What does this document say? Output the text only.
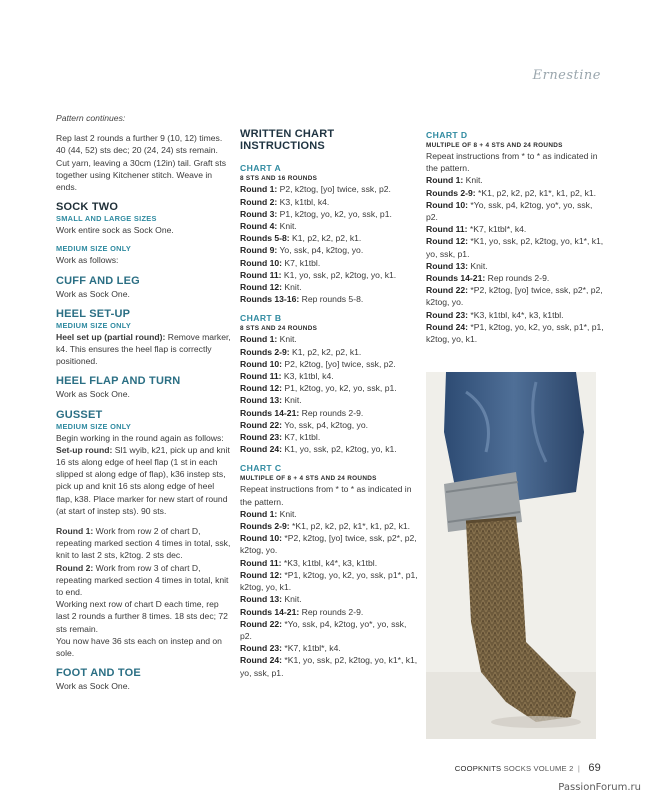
Ernestine

Pattern continues:

Rep last 2 rounds a further 9 (10, 12) times. 40 (44, 52) sts dec; 20 (24, 24) sts remain. Cut yarn, leaving a 30cm (12in) tail. Graft sts together using Kitchener stitch. Weave in ends.

SOCK TWO

SMALL AND LARGE SIZES

Work entire sock as Sock One.

MEDIUM SIZE ONLY

Work as follows:

CUFF AND LEG

Work as Sock One.

HEEL SET-UP

MEDIUM SIZE ONLY

Heel set up (partial round): Remove marker, k4. This ensures the heel flap is correctly positioned.

HEEL FLAP AND TURN

Work as Sock One.

GUSSET

MEDIUM SIZE ONLY

Begin working in the round again as follows:

Set-up round: Sl1 wyib, k21, pick up and knit 16 sts along edge of heel flap (1 st in each slipped st along edge of flap), k36 instep sts, pick up and knit 16 sts along edge of heel flap, k38. Place marker for new start of round (at start of instep sts). 90 sts.

Round 1: Work from row 2 of chart D, repeating marked section 4 times in total, ssk, knit to last 2 sts, k2tog. 2 sts dec.

Round 2: Work from row 3 of chart D, repeating marked section 4 times in total, knit to end.

Working next row of chart D each time, rep last 2 rounds a further 8 times. 18 sts dec; 72 sts remain.

You now have 36 sts each on instep and on sole.

FOOT AND TOE

Work as Sock One.

WRITTEN CHART INSTRUCTIONS

CHART A

8 STS AND 16 ROUNDS

Round 1: P2, k2tog, [yo] twice, ssk, p2.

Round 2: K3, k1tbl, k4.

Round 3: P1, k2tog, yo, k2, yo, ssk, p1.

Round 4: Knit.

Rounds 5-8: K1, p2, k2, p2, k1.

Round 9: Yo, ssk, p4, k2tog, yo.

Round 10: K7, k1tbl.

Round 11: K1, yo, ssk, p2, k2tog, yo, k1.

Round 12: Knit.

Rounds 13-16: Rep rounds 5-8.

CHART B

8 STS AND 24 ROUNDS

Round 1: Knit.

Rounds 2-9: K1, p2, k2, p2, k1.

Round 10: P2, k2tog, [yo] twice, ssk, p2.

Round 11: K3, k1tbl, k4.

Round 12: P1, k2tog, yo, k2, yo, ssk, p1.

Round 13: Knit.

Rounds 14-21: Rep rounds 2-9.

Round 22: Yo, ssk, p4, k2tog, yo.

Round 23: K7, k1tbl.

Round 24: K1, yo, ssk, p2, k2tog, yo, k1.

CHART C

MULTIPLE OF 8 + 4 STS AND 24 ROUNDS

Repeat instructions from * to * as indicated in the pattern.

Round 1: Knit.

Rounds 2-9: *K1, p2, k2, p2, k1*, k1, p2, k1.

Round 10: *P2, k2tog, [yo] twice, ssk, p2*, p2, k2tog, yo.

Round 11: *K3, k1tbl, k4*, k3, k1tbl.

Round 12: *P1, k2tog, yo, k2, yo, ssk, p1*, p1, k2tog, yo, k1.

Round 13: Knit.

Rounds 14-21: Rep rounds 2-9.

Round 22: *Yo, ssk, p4, k2tog, yo*, yo, ssk, p2.

Round 23: *K7, k1tbl*, k4.

Round 24: *K1, yo, ssk, p2, k2tog, yo, k1*, k1, yo, ssk, p1.

CHART D

MULTIPLE OF 8 + 4 STS AND 24 ROUNDS

Repeat instructions from * to * as indicated in the pattern.

Round 1: Knit.

Rounds 2-9: *K1, p2, k2, p2, k1*, k1, p2, k1.

Round 10: *Yo, ssk, p4, k2tog, yo*, yo, ssk, p2.

Round 11: *K7, k1tbl*, k4.

Round 12: *K1, yo, ssk, p2, k2tog, yo, k1*, k1, yo, ssk, p1.

Round 13: Knit.

Rounds 14-21: Rep rounds 2-9.

Round 22: *P2, k2tog, [yo] twice, ssk, p2*, p2, k2tog, yo.

Round 23: *K3, k1tbl, k4*, k3, k1tbl.

Round 24: *P1, k2tog, yo, k2, yo, ssk, p1*, p1, k2tog, yo, k1.

COOPKNITS SOCKS VOLUME 2 | 69
PassionForum.ru
